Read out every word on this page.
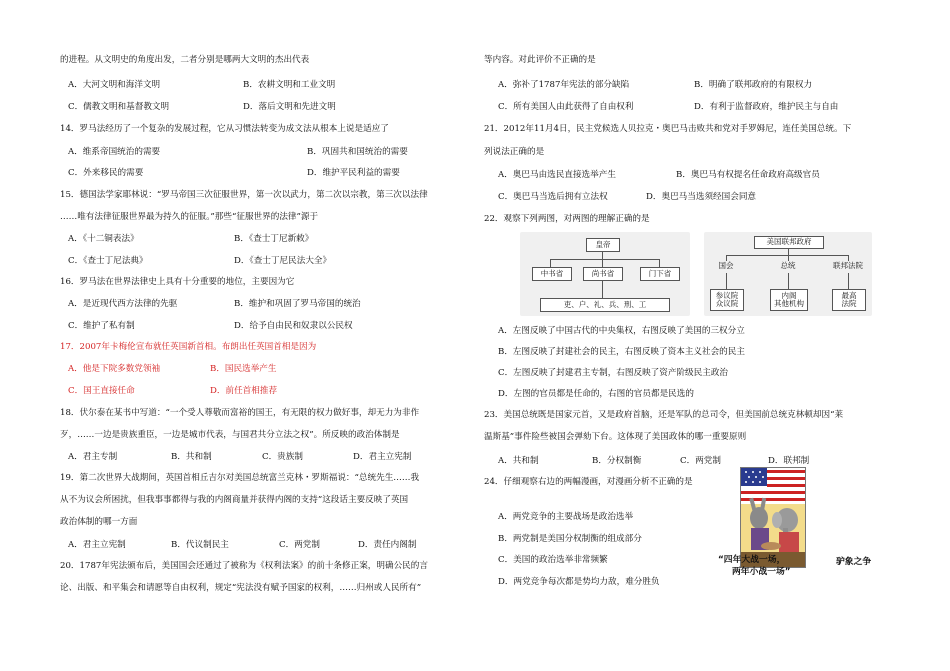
的进程。从文明史的角度出发，二者分别是哪两大文明的杰出代表
A．大河文明和海洋文明	B．农耕文明和工业文明
C．儒教文明和基督教文明	D．落后文明和先进文明
14．罗马法经历了一个复杂的发展过程，它从习惯法转变为成文法从根本上说是适应了
A．维系帝国统治的需要	B．巩固共和国统治的需要
C．外来移民的需要	D．维护平民利益的需要
15．德国法学家耶林说：“罗马帝国三次征服世界，第一次以武力，第二次以宗教，第三次以法律
……唯有法律征服世界最为持久的征服。”那些“征服世界的法律”源于
A．《十二铜表法》	B．《查士丁尼新敕》
C．《查士丁尼法典》	D．《查士丁尼民法大全》
16．罗马法在世界法律史上具有十分重要的地位，主要因为它
A．是近现代西方法律的先驱	B．维护和巩固了罗马帝国的统治
C．维护了私有制	D．给予自由民和奴隶以公民权
17．2007年卡梅伦宣布就任英国新首相。布朗出任英国首相是因为
A．他是下院多数党领袖	B．国民选举产生
C．国王直接任命	D．前任首相推荐
18．伏尔泰在某书中写道：“一个受人尊敬而富裕的国王，有无限的权力做好事，却无力为非作
歹，……一边是贵族重臣，一边是城市代表，与国君共分立法之权”。所反映的政治体制是
A．君主专制	B．共和制	C．贵族制	D．君主立宪制
19．第二次世界大战期间，英国首相丘吉尔对美国总统富兰克林・罗斯福说：“总统先生……我
从不为议会所困扰，但我事事都得与我的内阁商量并获得内阁的支持”这段话主要反映了英国
政治体制的哪一方面
A．君主立宪制	B．代议制民主	C．两党制	D．责任内阁制
20．1787年宪法颁布后，美国国会还通过了被称为《权利法案》的前十条修正案，明确公民的言
论、出版、和平集会和请愿等自由权利，规定“宪法没有赋予国家的权利，……归州或人民所有”
等内容。对此评价不正确的是
A．弥补了1787年宪法的部分缺陷	B．明确了联邦政府的有限权力
C．所有美国人由此获得了自由权利	D．有利于监督政府，维护民主与自由
21．2012年11月4日，民主党候选人贝拉克・奥巴马击败共和党对手罗姆尼，连任美国总统。下
列说法正确的是
A．奥巴马由选民直接选举产生	B．奥巴马有权提名任命政府高级官员
C．奥巴马当选后拥有立法权	D．奥巴马当选须经国会同意
22．观察下列两图，对两图的理解正确的是
A．左图反映了中国古代的中央集权，右图反映了美国的三权分立
B．左图反映了封建社会的民主，右图反映了资本主义社会的民主
C．左图反映了封建君主专制，右图反映了资产阶级民主政治
D．左图的官员都是任命的，右图的官员都是民选的
23．美国总统既是国家元首，又是政府首脑，还是军队的总司令，但美国前总统克林顿却因“莱
温斯基”事件险些被国会弹劾下台。这体现了美国政体的哪一重要原则
A．共和制	B．分权制衡	C．两党制	D．联邦制
24．仔细观察右边的两幅漫画，对漫画分析不正确的是
A．两党竞争的主要战场是政治选举
B．两党制是美国分权制衡的组成部分
C．美国的政治选举非常频繁
D．两党竞争每次都是势均力敌，难分胜负
皇帝
中书省	尚书省	门下省
吏、户、礼、兵、刑、工
美国联邦政府
国会	总统	联邦法院
参议院
众议院
内阁
其他机构
最高
法院
“四年大战一场，
两年小战一场”
驴象之争
